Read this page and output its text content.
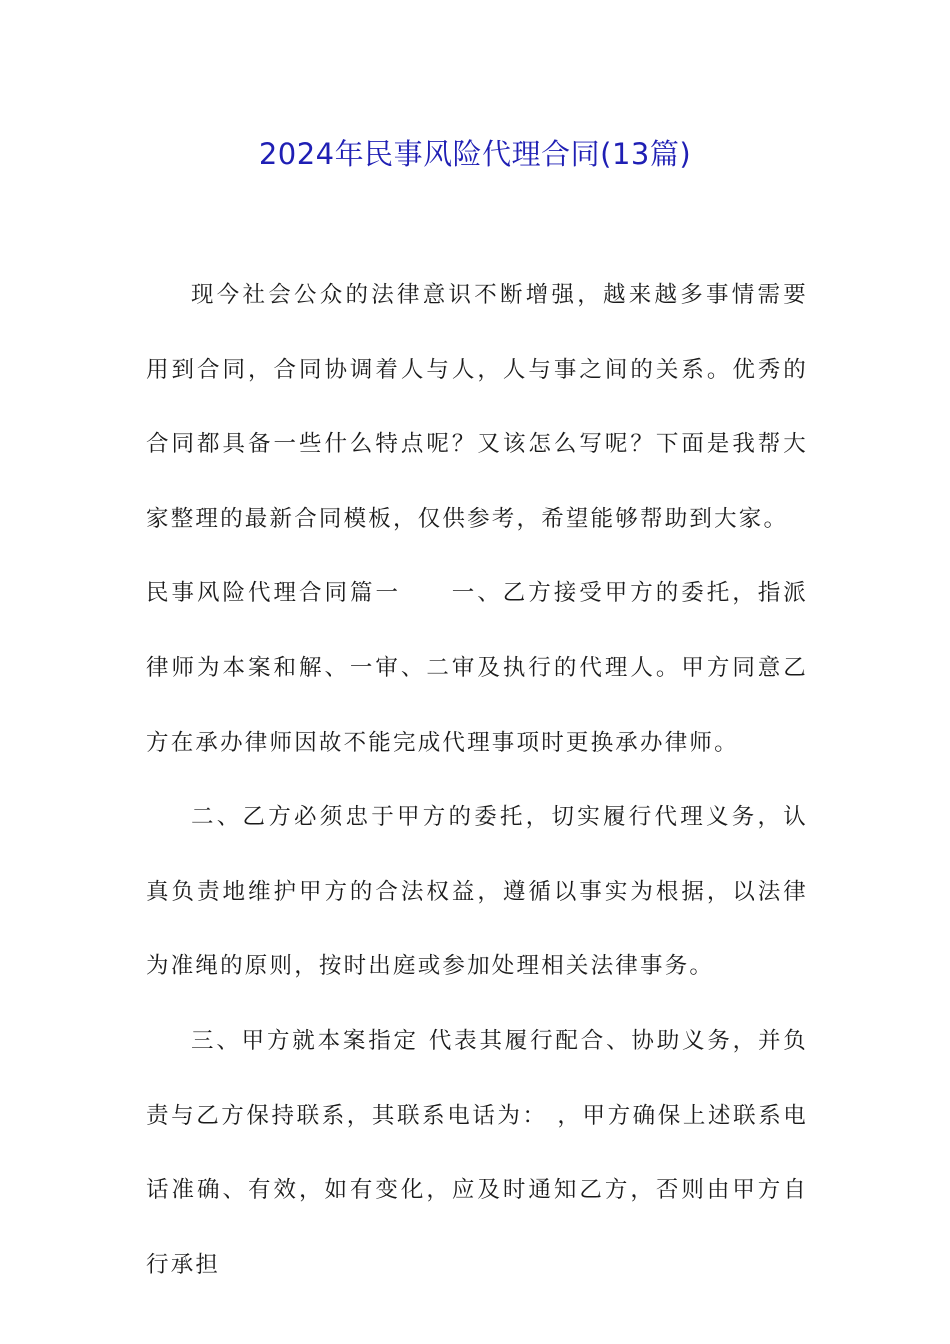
2024年民事风险代理合同(13篇)

现今社会公众的法律意识不断增强，越来越多事情需要用到合同，合同协调着人与人，人与事之间的关系。优秀的合同都具备一些什么特点呢？又该怎么写呢？下面是我帮大家整理的最新合同模板，仅供参考，希望能够帮助到大家。

民事风险代理合同篇一 一、乙方接受甲方的委托，指派律师为本案和解、一审、二审及执行的代理人。甲方同意乙方在承办律师因故不能完成代理事项时更换承办律师。

二、乙方必须忠于甲方的委托，切实履行代理义务，认真负责地维护甲方的合法权益，遵循以事实为根据，以法律为准绳的原则，按时出庭或参加处理相关法律事务。

三、甲方就本案指定 代表其履行配合、协助义务，并负责与乙方保持联系，其联系电话为： ，甲方确保上述联系电话准确、有效，如有变化，应及时通知乙方，否则由甲方自行承担
